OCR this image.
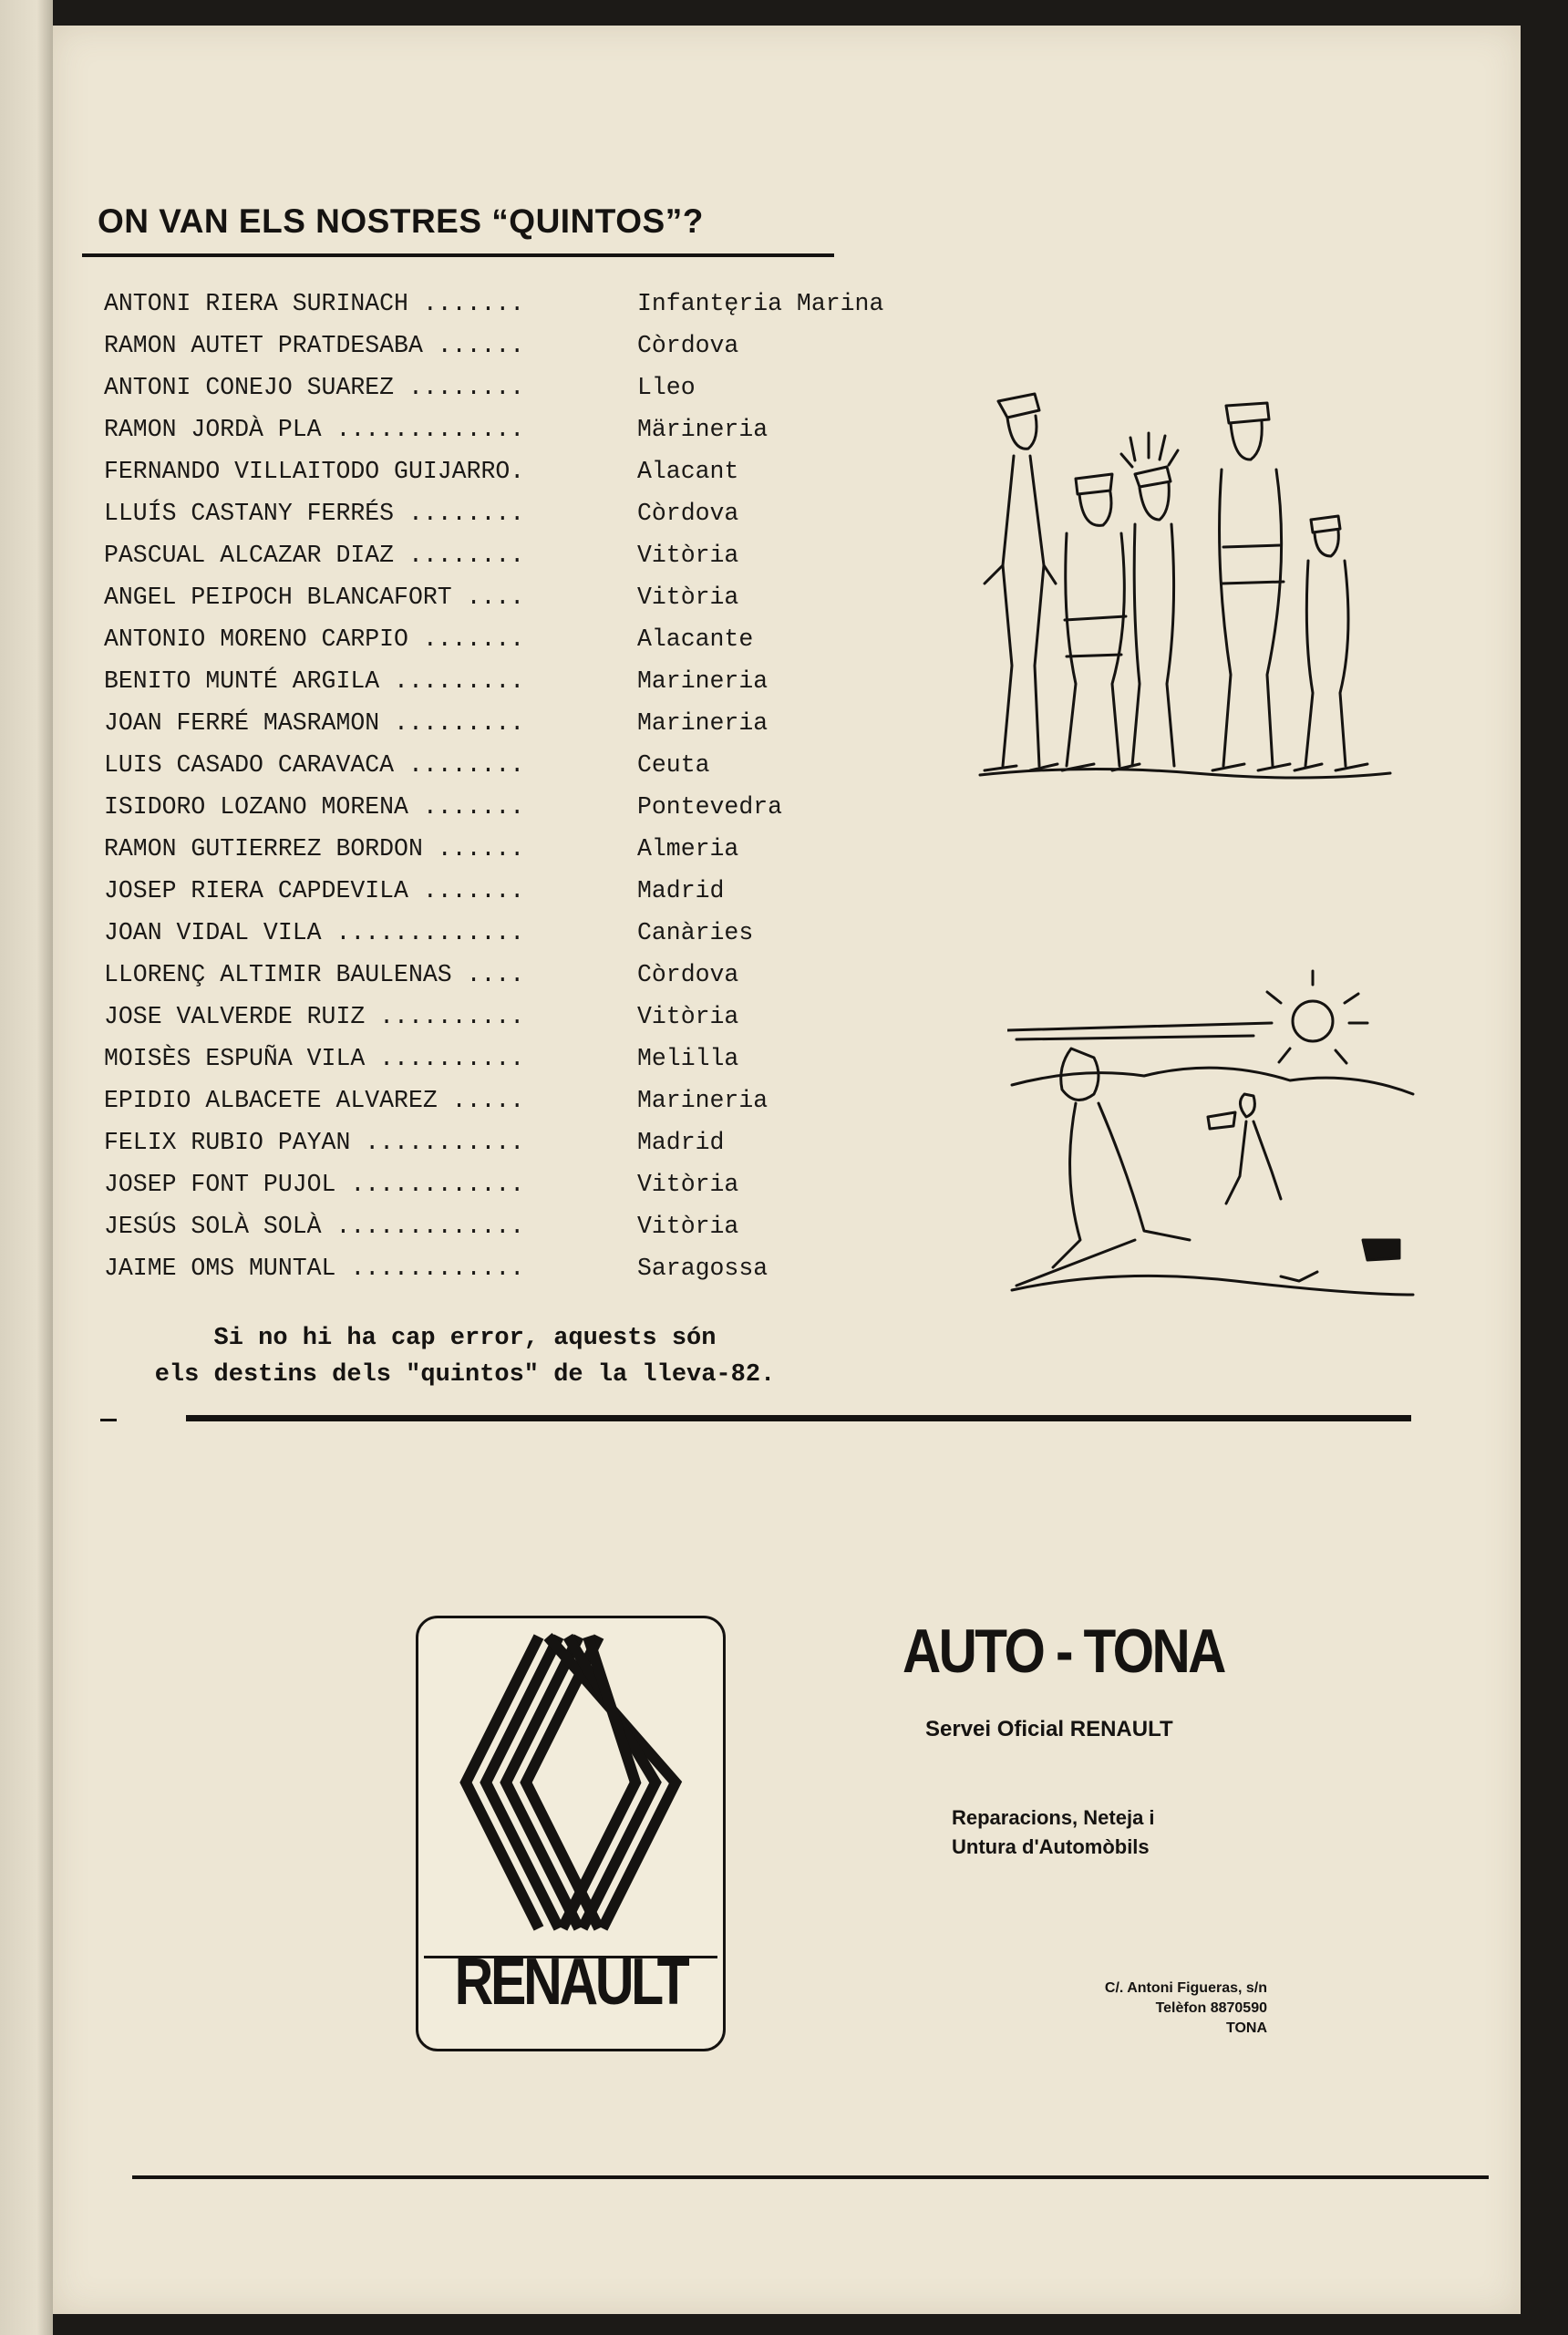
ON VAN ELS NOSTRES “QUINTOS”?
ANTONI RIERA SURINACH .......	Infantęria Marina
RAMON AUTET PRATDESABA ......	Còrdova
ANTONI CONEJO SUAREZ ........	Lleo
RAMON JORDÀ PLA .............	Märineria
FERNANDO VILLAITODO GUIJARRO.	Alacant
LLUÍS CASTANY FERRÉS ........	Còrdova
PASCUAL ALCAZAR DIAZ ........	Vitòria
ANGEL PEIPOCH BLANCAFORT ....	Vitòria
ANTONIO MORENO CARPIO .......	Alacante
BENITO MUNTÉ ARGILA .........	Marineria
JOAN FERRÉ MASRAMON .........	Marineria
LUIS CASADO CARAVACA ........	Ceuta
ISIDORO LOZANO MORENA .......	Pontevedra
RAMON GUTIERREZ BORDON ......	Almeria
JOSEP RIERA CAPDEVILA .......	Madrid
JOAN VIDAL VILA .............	Canàries
LLORENÇ ALTIMIR BAULENAS ....	Còrdova
JOSE VALVERDE RUIZ ..........	Vitòria
MOISÈS ESPUÑA VILA ..........	Melilla
EPIDIO ALBACETE ALVAREZ .....	Marineria
FELIX RUBIO PAYAN ...........	Madrid
JOSEP FONT PUJOL ............	Vitòria
JESÚS SOLÀ SOLÀ .............	Vitòria
JAIME OMS MUNTAL ............	Saragossa
Si no hi ha cap error, aquests són
els destins dels "quintos" de la lleva-82.
RENAULT
AUTO - TONA
Servei Oficial RENAULT
Reparacions, Neteja i
Untura d'Automòbils
C/. Antoni Figueras, s/n
Telèfon 8870590
TONA
